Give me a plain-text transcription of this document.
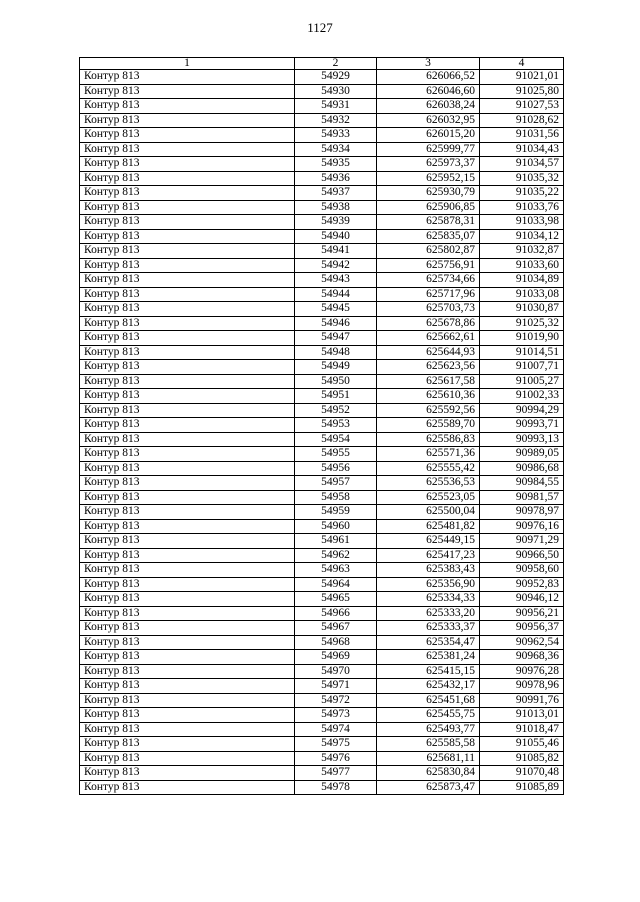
1127
1	2	3	4
Контур 813	54929	626066,52	91021,01
Контур 813	54930	626046,60	91025,80
Контур 813	54931	626038,24	91027,53
Контур 813	54932	626032,95	91028,62
Контур 813	54933	626015,20	91031,56
Контур 813	54934	625999,77	91034,43
Контур 813	54935	625973,37	91034,57
Контур 813	54936	625952,15	91035,32
Контур 813	54937	625930,79	91035,22
Контур 813	54938	625906,85	91033,76
Контур 813	54939	625878,31	91033,98
Контур 813	54940	625835,07	91034,12
Контур 813	54941	625802,87	91032,87
Контур 813	54942	625756,91	91033,60
Контур 813	54943	625734,66	91034,89
Контур 813	54944	625717,96	91033,08
Контур 813	54945	625703,73	91030,87
Контур 813	54946	625678,86	91025,32
Контур 813	54947	625662,61	91019,90
Контур 813	54948	625644,93	91014,51
Контур 813	54949	625623,56	91007,71
Контур 813	54950	625617,58	91005,27
Контур 813	54951	625610,36	91002,33
Контур 813	54952	625592,56	90994,29
Контур 813	54953	625589,70	90993,71
Контур 813	54954	625586,83	90993,13
Контур 813	54955	625571,36	90989,05
Контур 813	54956	625555,42	90986,68
Контур 813	54957	625536,53	90984,55
Контур 813	54958	625523,05	90981,57
Контур 813	54959	625500,04	90978,97
Контур 813	54960	625481,82	90976,16
Контур 813	54961	625449,15	90971,29
Контур 813	54962	625417,23	90966,50
Контур 813	54963	625383,43	90958,60
Контур 813	54964	625356,90	90952,83
Контур 813	54965	625334,33	90946,12
Контур 813	54966	625333,20	90956,21
Контур 813	54967	625333,37	90956,37
Контур 813	54968	625354,47	90962,54
Контур 813	54969	625381,24	90968,36
Контур 813	54970	625415,15	90976,28
Контур 813	54971	625432,17	90978,96
Контур 813	54972	625451,68	90991,76
Контур 813	54973	625455,75	91013,01
Контур 813	54974	625493,77	91018,47
Контур 813	54975	625585,58	91055,46
Контур 813	54976	625681,11	91085,82
Контур 813	54977	625830,84	91070,48
Контур 813	54978	625873,47	91085,89
